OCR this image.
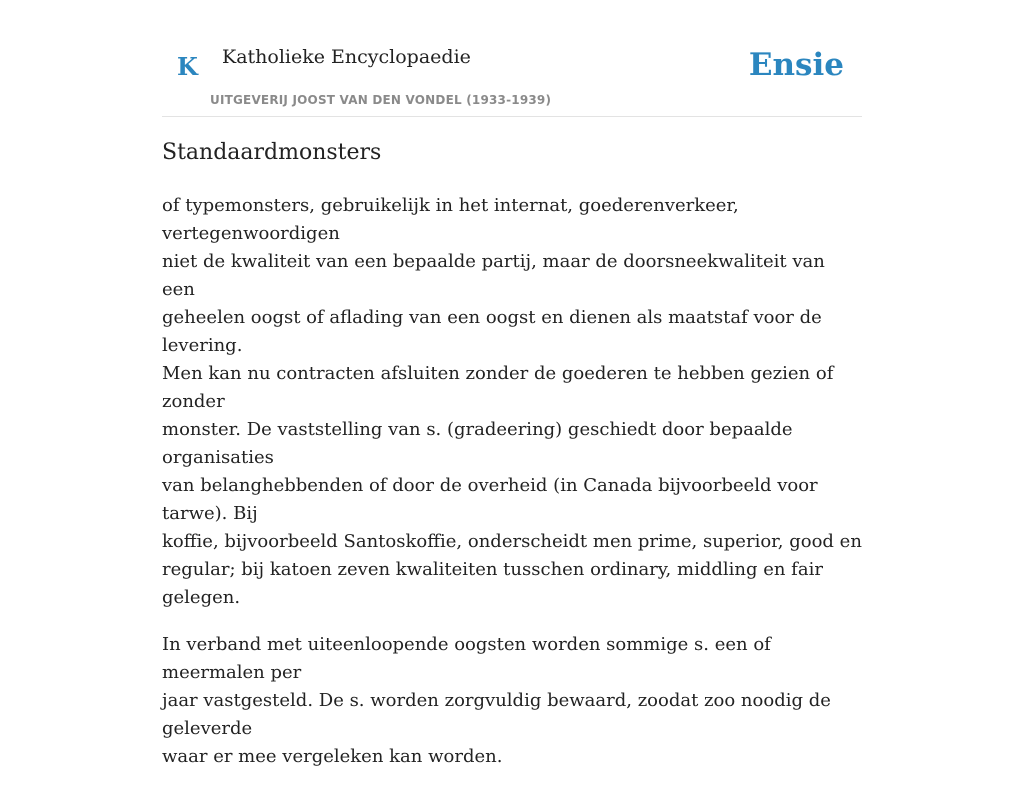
K Katholieke Encyclopaedie
UITGEVERIJ JOOST VAN DEN VONDEL (1933-1939)
Ensie
Standaardmonsters

of typemonsters, gebruikelijk in het internat, goederenverkeer, vertegenwoordigen
niet de kwaliteit van een bepaalde partij, maar de doorsneekwaliteit van een
geheelen oogst of aflading van een oogst en dienen als maatstaf voor de levering.
Men kan nu contracten afsluiten zonder de goederen te hebben gezien of zonder
monster. De vaststelling van s. (gradeering) geschiedt door bepaalde organisaties
van belanghebbenden of door de overheid (in Canada bijvoorbeeld voor tarwe). Bij
koffie, bijvoorbeeld Santoskoffie, onderscheidt men prime, superior, good en
regular; bij katoen zeven kwaliteiten tusschen ordinary, middling en fair gelegen.

In verband met uiteenloopende oogsten worden sommige s. een of meermalen per
jaar vastgesteld. De s. worden zorgvuldig bewaard, zoodat zoo noodig de geleverde
waar er mee vergeleken kan worden.
